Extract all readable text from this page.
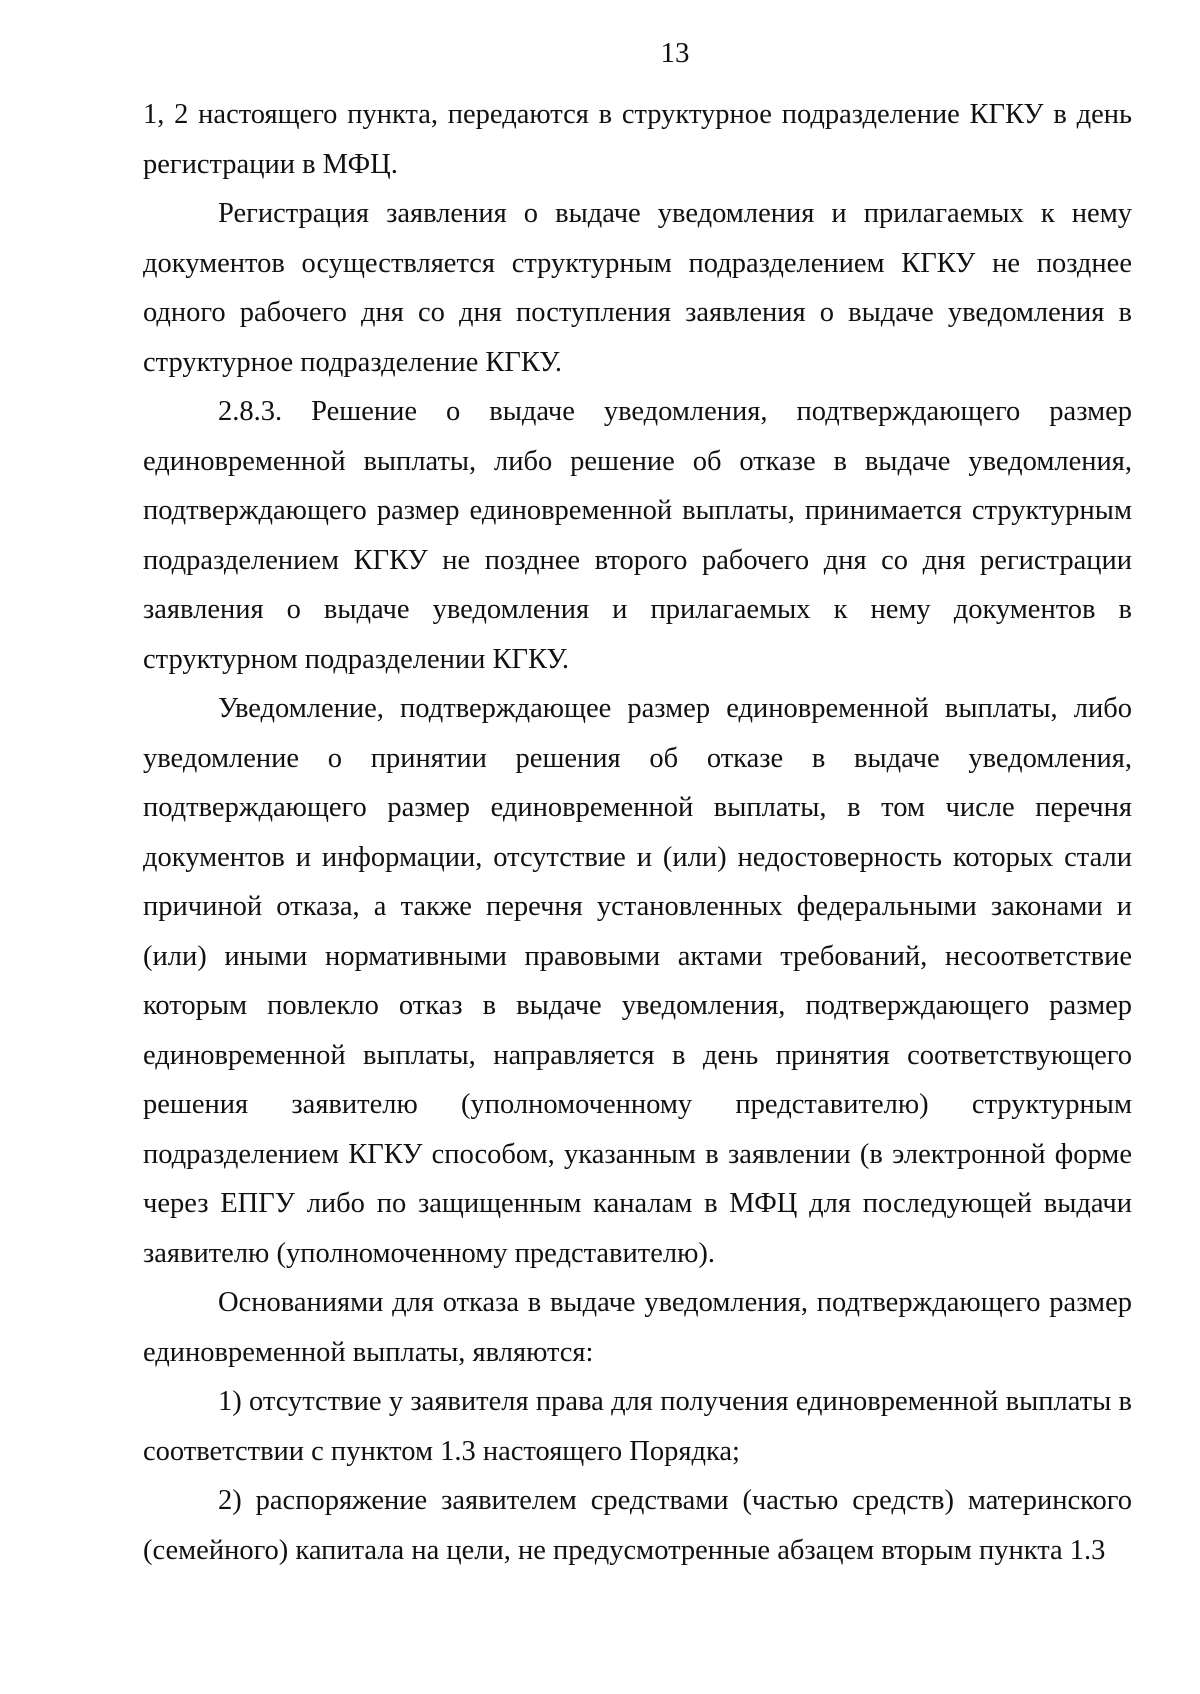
13

1, 2 настоящего пункта, передаются в структурное подразделение КГКУ в день регистрации в МФЦ.

Регистрация заявления о выдаче уведомления и прилагаемых к нему документов осуществляется структурным подразделением КГКУ не позднее одного рабочего дня со дня поступления заявления о выдаче уведомления в структурное подразделение КГКУ.

2.8.3. Решение о выдаче уведомления, подтверждающего размер единовременной выплаты, либо решение об отказе в выдаче уведомления, подтверждающего размер единовременной выплаты, принимается структурным подразделением КГКУ не позднее второго рабочего дня со дня регистрации заявления о выдаче уведомления и прилагаемых к нему документов в структурном подразделении КГКУ.

Уведомление, подтверждающее размер единовременной выплаты, либо уведомление о принятии решения об отказе в выдаче уведомления, подтверждающего размер единовременной выплаты, в том числе перечня документов и информации, отсутствие и (или) недостоверность которых стали причиной отказа, а также перечня установленных федеральными законами и (или) иными нормативными правовыми актами требований, несоответствие которым повлекло отказ в выдаче уведомления, подтверждающего размер единовременной выплаты, направляется в день принятия соответствующего решения заявителю (уполномоченному представителю) структурным подразделением КГКУ способом, указанным в заявлении (в электронной форме через ЕПГУ либо по защищенным каналам в МФЦ для последующей выдачи заявителю (уполномоченному представителю).

Основаниями для отказа в выдаче уведомления, подтверждающего размер единовременной выплаты, являются:

1) отсутствие у заявителя права для получения единовременной выплаты в соответствии с пунктом 1.3 настоящего Порядка;

2) распоряжение заявителем средствами (частью средств) материнского (семейного) капитала на цели, не предусмотренные абзацем вторым пункта 1.3
